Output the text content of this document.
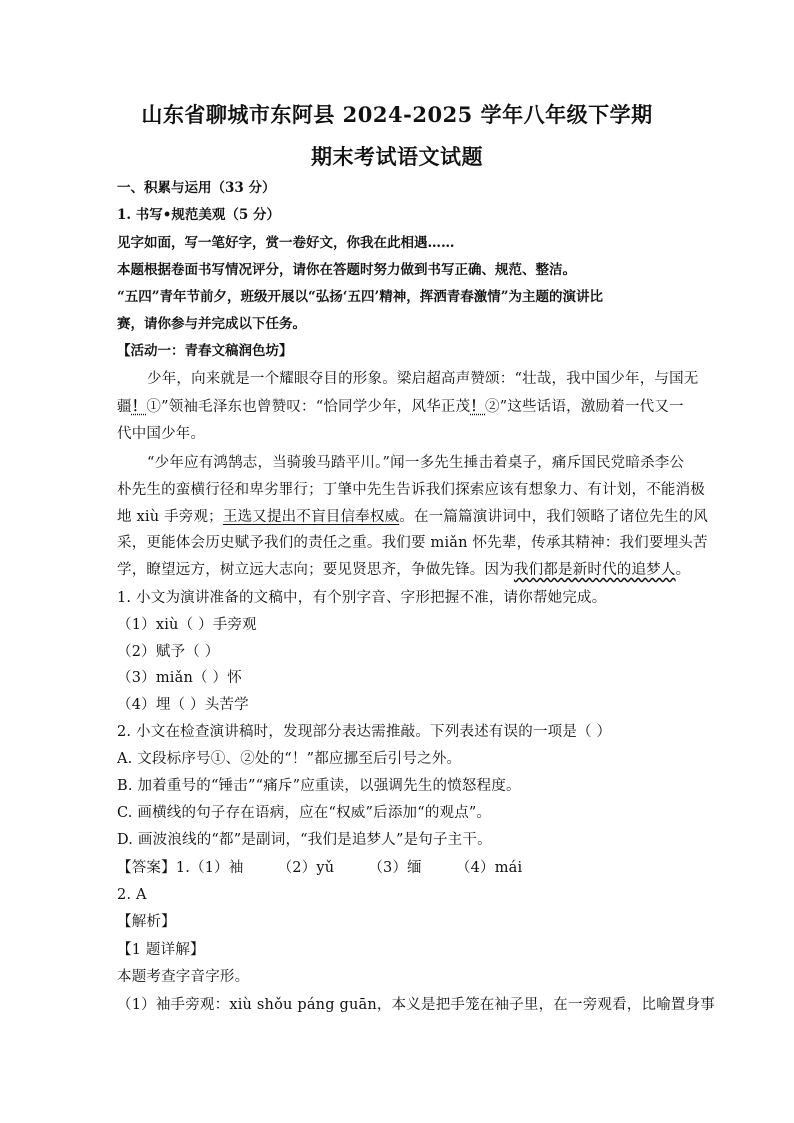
山东省聊城市东阿县 2024-2025 学年八年级下学期
期末考试语文试题
一、积累与运用（33 分）
1. 书写•规范美观（5 分）
见字如面，写一笔好字，赏一卷好文，你我在此相遇……
本题根据卷面书写情况评分，请你在答题时努力做到书写正确、规范、整洁。
“五四”青年节前夕，班级开展以“弘扬‘五四’精神，挥洒青春激情”为主题的演讲比
赛，请你参与并完成以下任务。
【活动一：青春文稿润色坊】
少年，向来就是一个耀眼夺目的形象。梁启超高声赞颂：“壮哉，我中国少年，与国无
疆！①”领袖毛泽东也曾赞叹：“恰同学少年，风华正茂！②”这些话语，激励着一代又一
代中国少年。
“少年应有鸿鹄志，当骑骏马踏平川。”闻一多先生捶击着桌子，痛斥国民党暗杀李公
朴先生的蛮横行径和卑劣罪行；丁肇中先生告诉我们探索应该有想象力、有计划，不能消极
地 xiù 手旁观；王选又提出不盲目信奉权威。在一篇篇演讲词中，我们领略了诸位先生的风
采，更能体会历史赋予我们的责任之重。我们要 miǎn 怀先辈，传承其精神：我们要埋头苦
学，瞭望远方，树立远大志向；要见贤思齐，争做先锋。因为我们都是新时代的追梦人。
1. 小文为演讲准备的文稿中，有个别字音、字形把握不准，请你帮她完成。
（1）xiù（ ）手旁观
（2）赋予（ ）
（3）miǎn（ ）怀
（4）埋（ ）头苦学
2. 小文在检查演讲稿时，发现部分表达需推敲。下列表述有误的一项是（ ）
A. 文段标序号①、②处的“！”都应挪至后引号之外。
B. 加着重号的“锤击”“痛斥”应重读，以强调先生的愤怒程度。
C. 画横线的句子存在语病，应在“权威”后添加“的观点”。
D. 画波浪线的“都”是副词，“我们是追梦人”是句子主干。
【答案】1.（1）袖 （2）yǔ （3）缅 （4）mái
2. A
【解析】
【1 题详解】
本题考查字音字形。
（1）袖手旁观：xiù shǒu páng guān，本义是把手笼在袖子里，在一旁观看，比喻置身事
